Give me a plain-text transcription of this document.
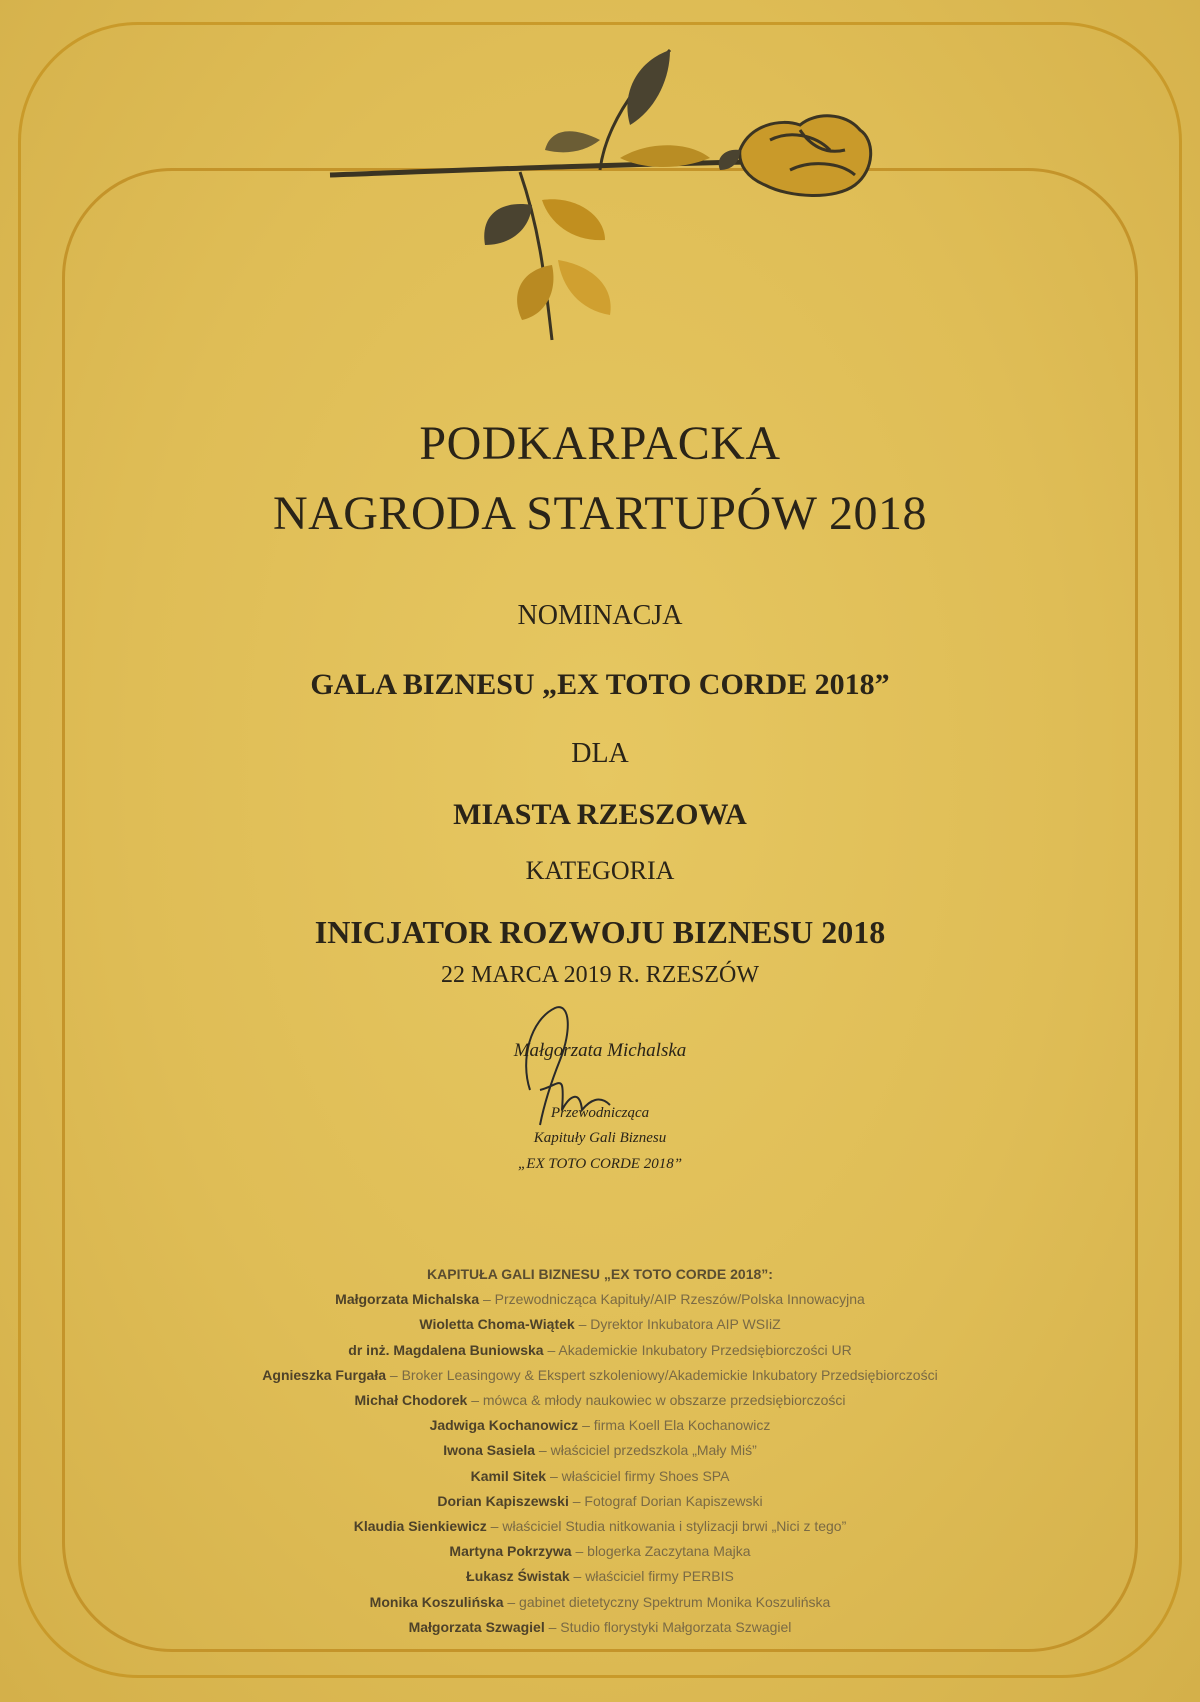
PODKARPACKA
NAGRODA STARTUPÓW 2018
NOMINACJA
GALA BIZNESU „EX TOTO CORDE 2018”
DLA
MIASTA RZESZOWA
KATEGORIA
INICJATOR ROZWOJU BIZNESU 2018
22 MARCA 2019 R. RZESZÓW
Małgorzata Michalska
Przewodnicząca
Kapituły Gali Biznesu
„EX TOTO CORDE 2018”
KAPITUŁA GALI BIZNESU „EX TOTO CORDE 2018”:
Małgorzata Michalska – Przewodnicząca Kapituły/AIP Rzeszów/Polska Innowacyjna
Wioletta Choma-Wiątek – Dyrektor Inkubatora AIP WSIiZ
dr inż. Magdalena Buniowska – Akademickie Inkubatory Przedsiębiorczości UR
Agnieszka Furgała – Broker Leasingowy & Ekspert szkoleniowy/Akademickie Inkubatory Przedsiębiorczości
Michał Chodorek – mówca & młody naukowiec w obszarze przedsiębiorczości
Jadwiga Kochanowicz – firma Koell Ela Kochanowicz
Iwona Sasiela – właściciel przedszkola „Mały Miś”
Kamil Sitek – właściciel firmy Shoes SPA
Dorian Kapiszewski – Fotograf Dorian Kapiszewski
Klaudia Sienkiewicz – właściciel Studia nitkowania i stylizacji brwi „Nici z tego”
Martyna Pokrzywa – blogerka Zaczytana Majka
Łukasz Świstak – właściciel firmy PERBIS
Monika Koszulińska – gabinet dietetyczny Spektrum Monika Koszulińska
Małgorzata Szwagiel – Studio florystyki Małgorzata Szwagiel
